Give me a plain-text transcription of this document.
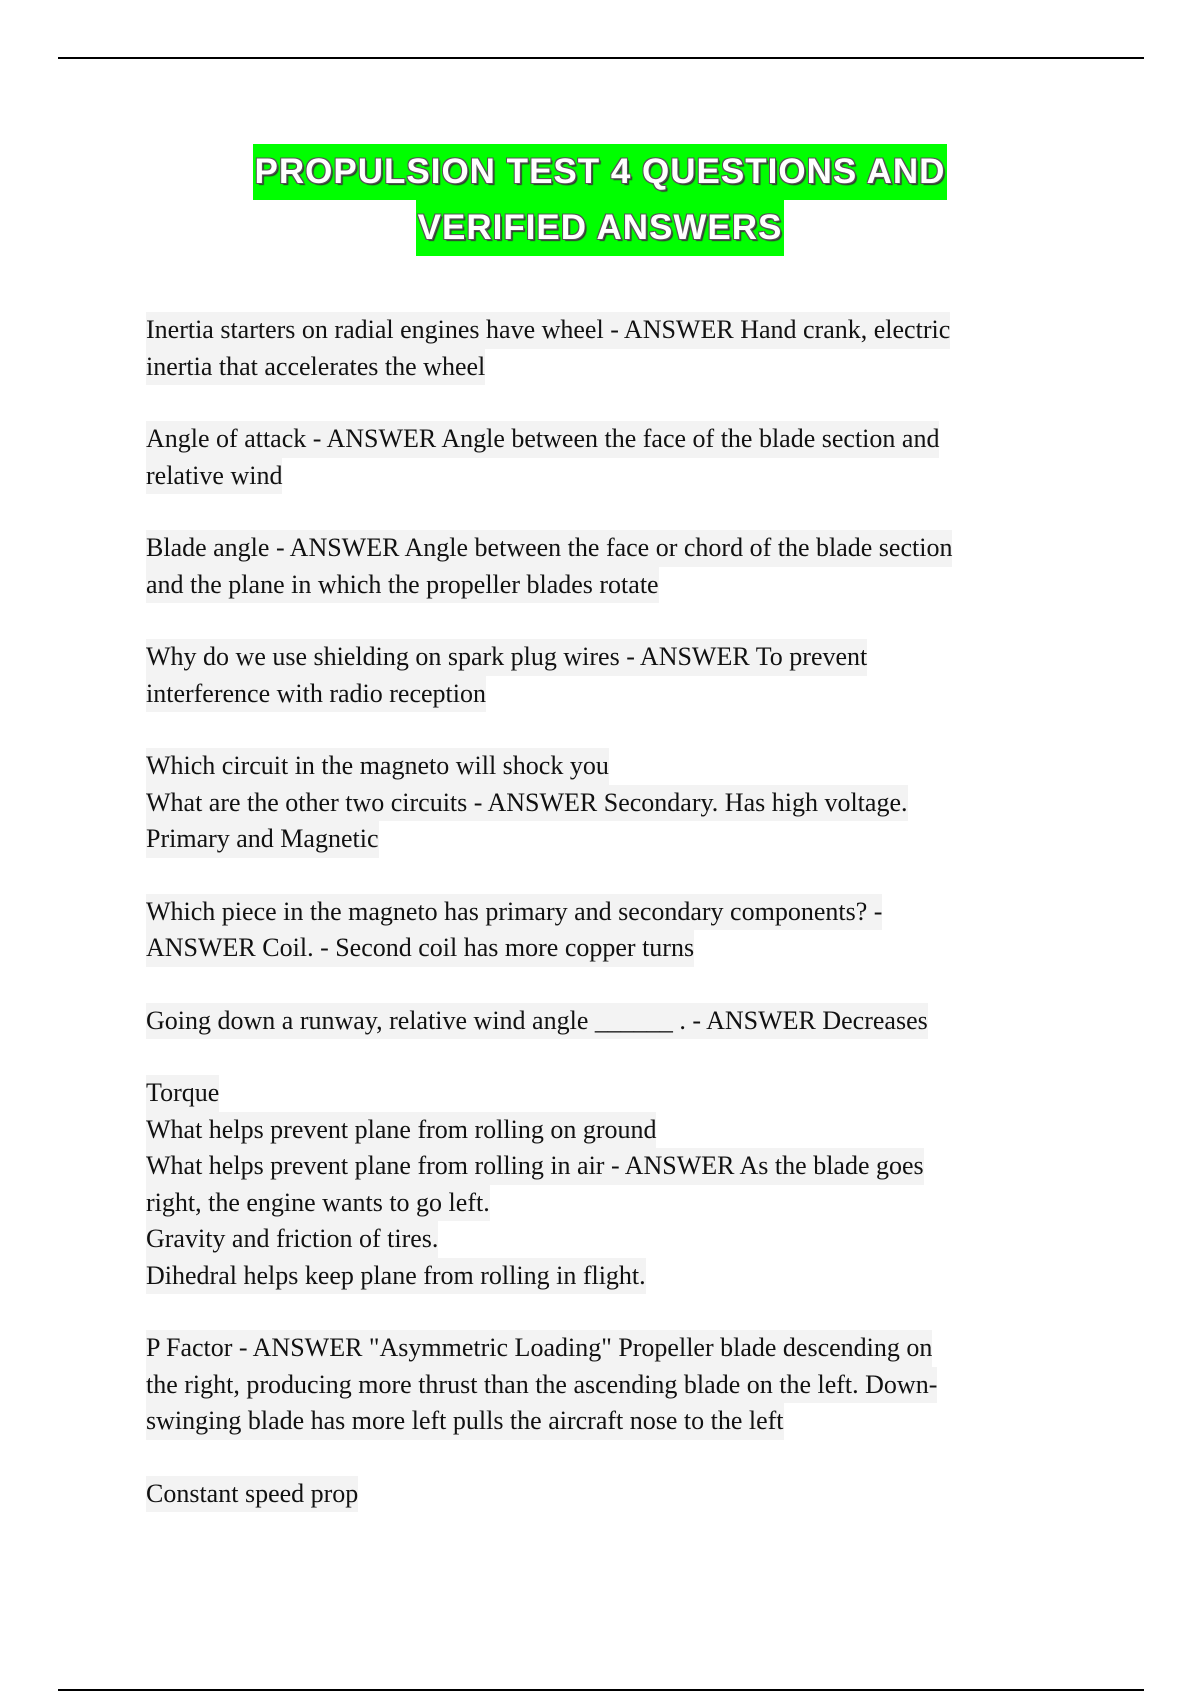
PROPULSION TEST 4 QUESTIONS AND
VERIFIED ANSWERS
Inertia starters on radial engines have wheel - ANSWER Hand crank, electric
inertia that accelerates the wheel
Angle of attack - ANSWER Angle between the face of the blade section and
relative wind
Blade angle - ANSWER Angle between the face or chord of the blade section
and the plane in which the propeller blades rotate
Why do we use shielding on spark plug wires - ANSWER To prevent
interference with radio reception
Which circuit in the magneto will shock you
What are the other two circuits - ANSWER Secondary. Has high voltage.
Primary and Magnetic
Which piece in the magneto has primary and secondary components? -
ANSWER Coil. - Second coil has more copper turns
Going down a runway, relative wind angle ______ . - ANSWER Decreases
Torque
What helps prevent plane from rolling on ground
What helps prevent plane from rolling in air - ANSWER As the blade goes
right, the engine wants to go left.
Gravity and friction of tires.
Dihedral helps keep plane from rolling in flight.
P Factor - ANSWER "Asymmetric Loading" Propeller blade descending on
the right, producing more thrust than the ascending blade on the left. Down-
swinging blade has more left pulls the aircraft nose to the left
Constant speed prop
